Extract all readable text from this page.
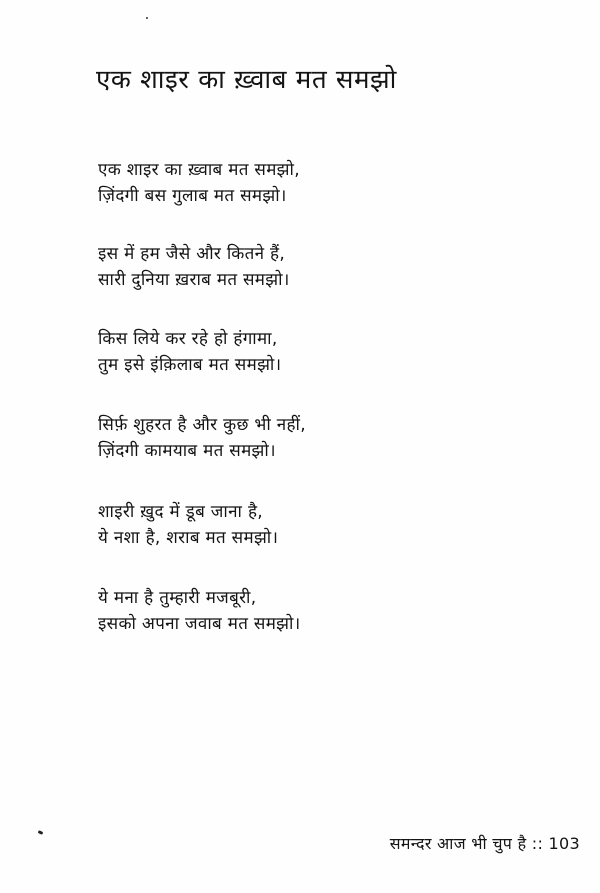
एक शाइर का ख़्वाब मत समझो
एक शाइर का ख़्वाब मत समझो,
ज़िंदगी बस गुलाब मत समझो।
इस में हम जैसे और कितने हैं,
सारी दुनिया ख़राब मत समझो।
किस लिये कर रहे हो हंगामा,
तुम इसे इंक़िलाब मत समझो।
सिर्फ़ शुहरत है और कुछ भी नहीं,
ज़िंदगी कामयाब मत समझो।
शाइरी ख़ुद में डूब जाना है,
ये नशा है, शराब मत समझो।
ये मना है तुम्हारी मजबूरी,
इसको अपना जवाब मत समझो।
समन्दर आज भी चुप है :: 103
